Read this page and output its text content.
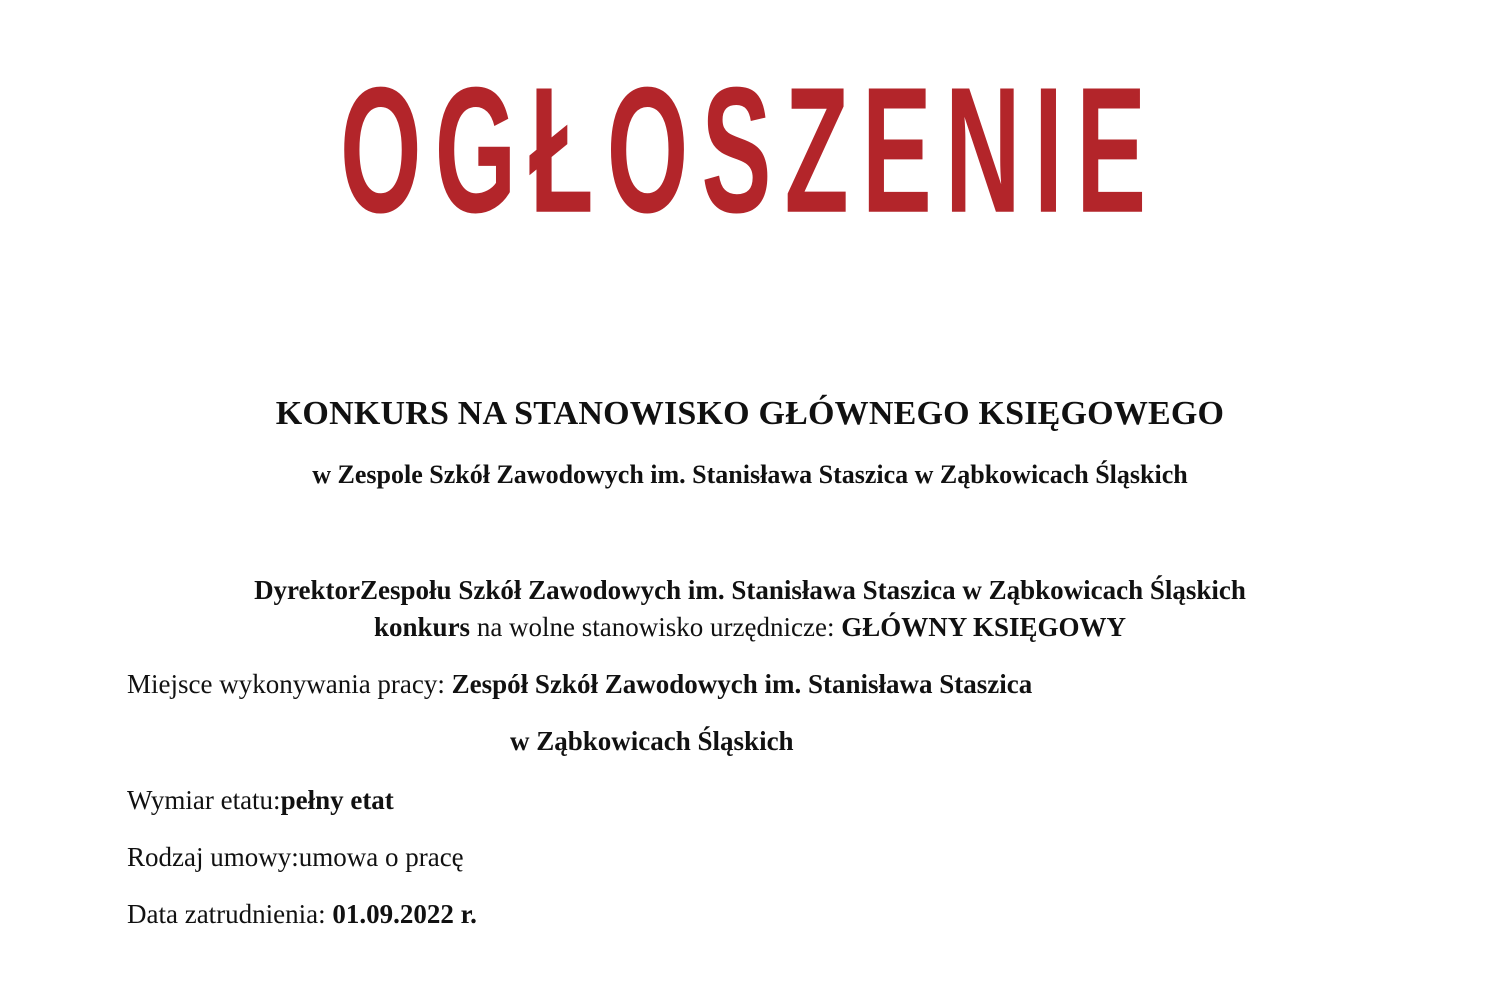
OGŁOSZENIE
KONKURS NA STANOWISKO GŁÓWNEGO KSIĘGOWEGO
w Zespole Szkół Zawodowych im. Stanisława Staszica w Ząbkowicach Śląskich
DyrektorZespołu Szkół Zawodowych im. Stanisława Staszica w Ząbkowicach Śląskich
konkurs na wolne stanowisko urzędnicze: GŁÓWNY KSIĘGOWY
Miejsce wykonywania pracy: Zespół Szkół Zawodowych im. Stanisława Staszica
w Ząbkowicach Śląskich
Wymiar etatu:pełny etat
Rodzaj umowy:umowa o pracę
Data zatrudnienia: 01.09.2022 r.
